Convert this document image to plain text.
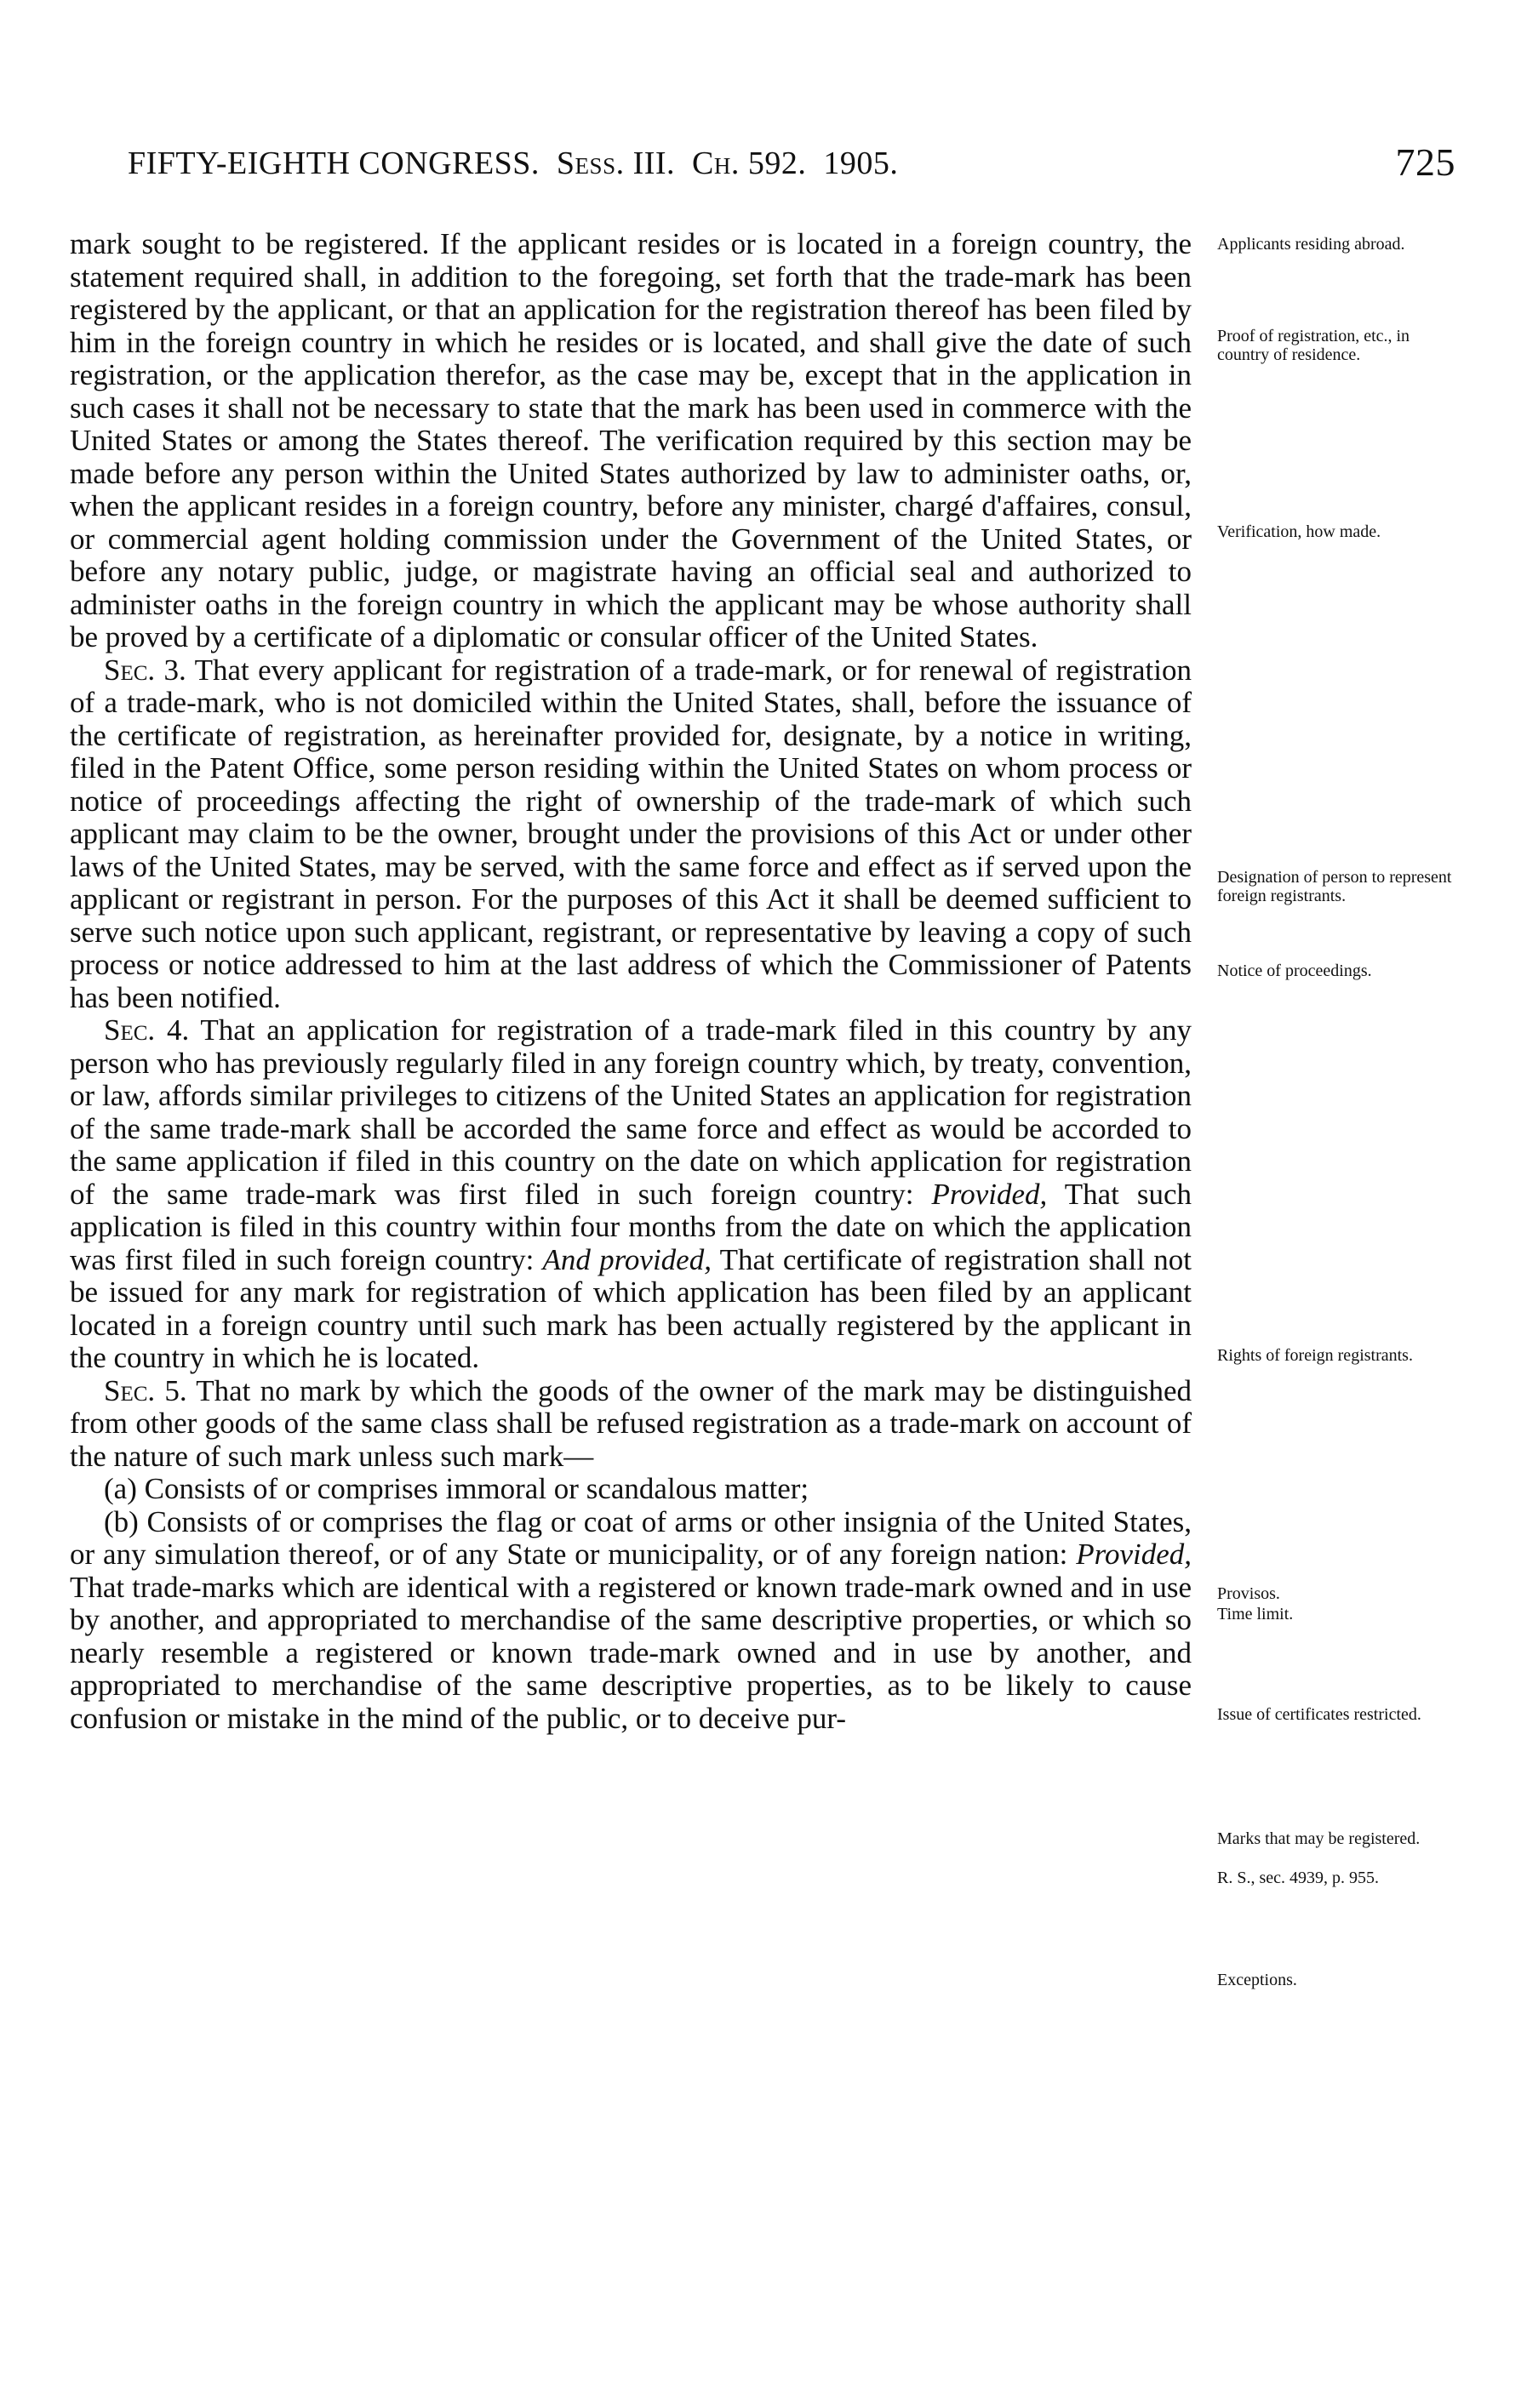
FIFTY-EIGHTH CONGRESS. Sess. III. Ch. 592. 1905.	725

mark sought to be registered. If the applicant resides or is located in a foreign country, the statement required shall, in addition to the foregoing, set forth that the trade-mark has been registered by the applicant, or that an application for the registration thereof has been filed by him in the foreign country in which he resides or is located, and shall give the date of such registration, or the application therefor, as the case may be, except that in the application in such cases it shall not be necessary to state that the mark has been used in commerce with the United States or among the States thereof. The verification required by this section may be made before any person within the United States authorized by law to administer oaths, or, when the applicant resides in a foreign country, before any minister, chargé d'affaires, consul, or commercial agent holding commission under the Government of the United States, or before any notary public, judge, or magistrate having an official seal and authorized to administer oaths in the foreign country in which the applicant may be whose authority shall be proved by a certificate of a diplomatic or consular officer of the United States.

Sec. 3. That every applicant for registration of a trade-mark, or for renewal of registration of a trade-mark, who is not domiciled within the United States, shall, before the issuance of the certificate of registration, as hereinafter provided for, designate, by a notice in writing, filed in the Patent Office, some person residing within the United States on whom process or notice of proceedings affecting the right of ownership of the trade-mark of which such applicant may claim to be the owner, brought under the provisions of this Act or under other laws of the United States, may be served, with the same force and effect as if served upon the applicant or registrant in person. For the purposes of this Act it shall be deemed sufficient to serve such notice upon such applicant, registrant, or representative by leaving a copy of such process or notice addressed to him at the last address of which the Commissioner of Patents has been notified.

Sec. 4. That an application for registration of a trade-mark filed in this country by any person who has previously regularly filed in any foreign country which, by treaty, convention, or law, affords similar privileges to citizens of the United States an application for registration of the same trade-mark shall be accorded the same force and effect as would be accorded to the same application if filed in this country on the date on which application for registration of the same trade-mark was first filed in such foreign country: Provided, That such application is filed in this country within four months from the date on which the application was first filed in such foreign country: And provided, That certificate of registration shall not be issued for any mark for registration of which application has been filed by an applicant located in a foreign country until such mark has been actually registered by the applicant in the country in which he is located.

Sec. 5. That no mark by which the goods of the owner of the mark may be distinguished from other goods of the same class shall be refused registration as a trade-mark on account of the nature of such mark unless such mark—

(a) Consists of or comprises immoral or scandalous matter;

(b) Consists of or comprises the flag or coat of arms or other insignia of the United States, or any simulation thereof, or of any State or municipality, or of any foreign nation: Provided, That trade-marks which are identical with a registered or known trade-mark owned and in use by another, and appropriated to merchandise of the same descriptive properties, or which so nearly resemble a registered or known trade-mark owned and in use by another, and appropriated to merchandise of the same descriptive properties, as to be likely to cause confusion or mistake in the mind of the public, or to deceive pur-

Applicants residing abroad.
Proof of registration, etc., in country of residence.
Verification, how made.
Designation of person to represent foreign registrants.
Notice of proceedings.
Rights of foreign registrants.
Provisos.
Time limit.
Issue of certificates restricted.
Marks that may be registered.
R. S., sec. 4939, p. 955.
Exceptions.
